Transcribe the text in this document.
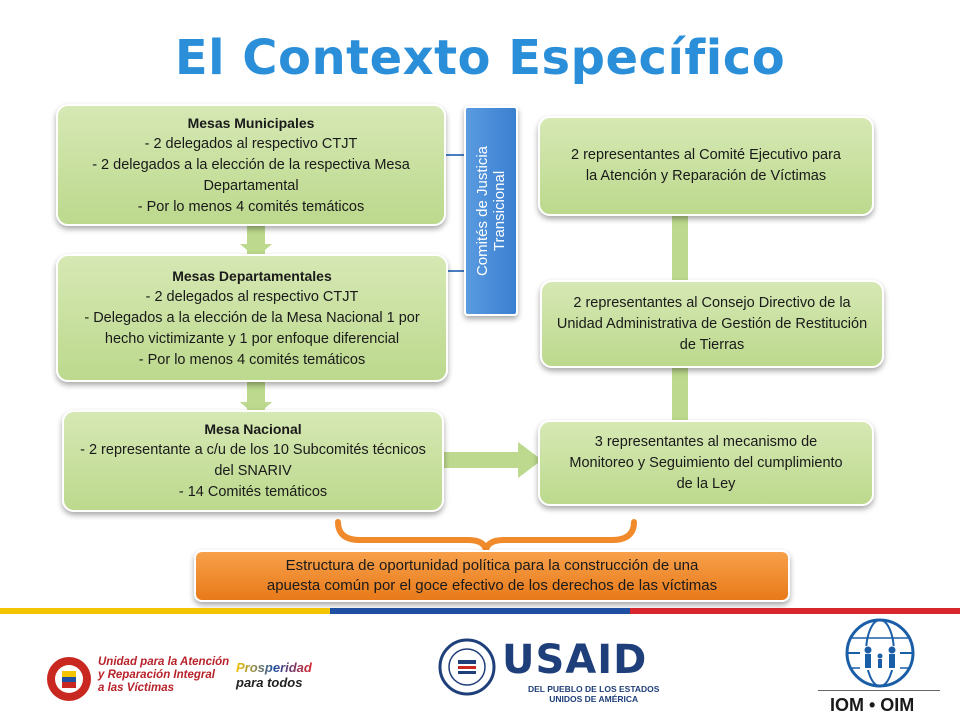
El Contexto Específico
Mesas Municipales
- 2 delegados al respectivo CTJT
- 2 delegados a la elección de la respectiva Mesa Departamental
- Por lo menos 4 comités temáticos
Mesas Departamentales
- 2 delegados al respectivo CTJT
- Delegados a la elección de la Mesa Nacional 1 por hecho victimizante y 1 por enfoque diferencial
- Por lo menos 4 comités temáticos
Mesa Nacional
- 2 representante a c/u de los 10 Subcomités técnicos del SNARIV
- 14 Comités temáticos
Comités de Justicia Transicional
2 representantes al Comité Ejecutivo para la Atención y Reparación de Víctimas
2 representantes al Consejo Directivo de la Unidad Administrativa de Gestión de Restitución de Tierras
3 representantes al mecanismo de Monitoreo y Seguimiento del cumplimiento de la Ley
Estructura de oportunidad política para la construcción de una
apuesta común por el goce efectivo de los derechos de las víctimas
Unidad para la Atención
y Reparación Integral
a las Víctimas
Prosperidad
para todos	USAID
DEL PUEBLO DE LOS ESTADOS
UNIDOS DE AMÉRICA	IOM • OIM
